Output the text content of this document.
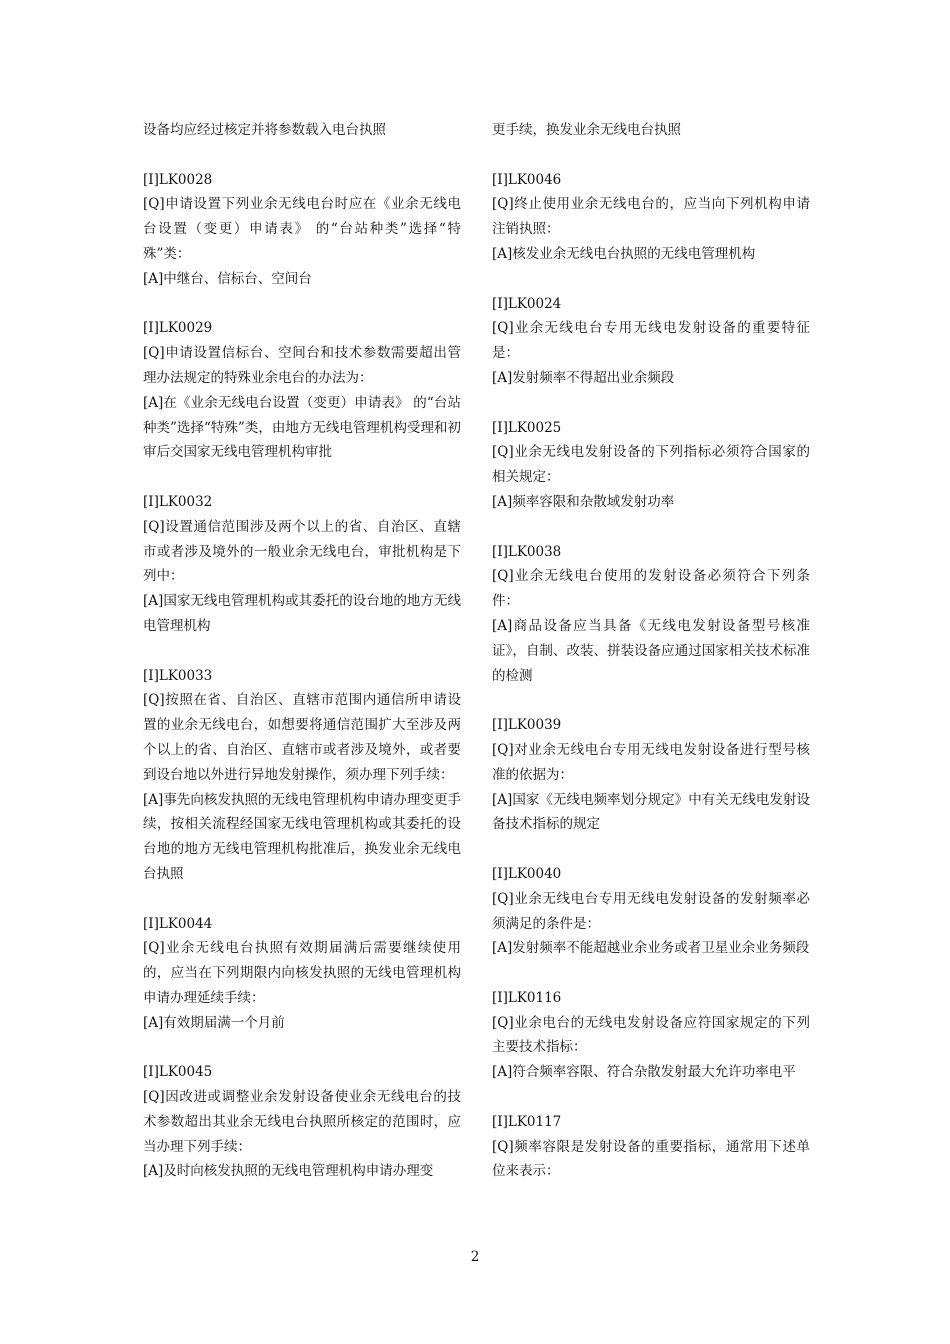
设备均应经过核定并将参数载入电台执照

[I]LK0028
[Q]申请设置下列业余无线电台时应在《业余无线电台设置（变更）申请表》 的“台站种类”选择“特殊”类：
[A]中继台、信标台、空间台
[I]LK0029
[Q]申请设置信标台、空间台和技术参数需要超出管理办法规定的特殊业余电台的办法为：
[A]在《业余无线电台设置（变更）申请表》 的“台站种类”选择“特殊”类，由地方无线电管理机构受理和初审后交国家无线电管理机构审批
[I]LK0032
[Q]设置通信范围涉及两个以上的省、自治区、直辖市或者涉及境外的一般业余无线电台，审批机构是下列中：
[A]国家无线电管理机构或其委托的设台地的地方无线电管理机构
[I]LK0033
[Q]按照在省、自治区、直辖市范围内通信所申请设置的业余无线电台，如想要将通信范围扩大至涉及两个以上的省、自治区、直辖市或者涉及境外，或者要到设台地以外进行异地发射操作，须办理下列手续：
[A]事先向核发执照的无线电管理机构申请办理变更手续，按相关流程经国家无线电管理机构或其委托的设台地的地方无线电管理机构批准后，换发业余无线电台执照
[I]LK0044
[Q]业余无线电台执照有效期届满后需要继续使用的，应当在下列期限内向核发执照的无线电管理机构申请办理延续手续：
[A]有效期届满一个月前
[I]LK0045
[Q]因改进或调整业余发射设备使业余无线电台的技术参数超出其业余无线电台执照所核定的范围时，应当办理下列手续：
[A]及时向核发执照的无线电管理机构申请办理变

更手续，换发业余无线电台执照

[I]LK0046
[Q]终止使用业余无线电台的，应当向下列机构申请注销执照：
[A]核发业余无线电台执照的无线电管理机构
[I]LK0024
[Q]业余无线电台专用无线电发射设备的重要特征是：
[A]发射频率不得超出业余频段
[I]LK0025
[Q]业余无线电发射设备的下列指标必须符合国家的相关规定：
[A]频率容限和杂散域发射功率
[I]LK0038
[Q]业余无线电台使用的发射设备必须符合下列条件：
[A]商品设备应当具备《无线电发射设备型号核准证》，自制、改装、拼装设备应通过国家相关技术标准的检测
[I]LK0039
[Q]对业余无线电台专用无线电发射设备进行型号核准的依据为：
[A]国家《无线电频率划分规定》中有关无线电发射设备技术指标的规定
[I]LK0040
[Q]业余无线电台专用无线电发射设备的发射频率必须满足的条件是：
[A]发射频率不能超越业余业务或者卫星业余业务频段
[I]LK0116
[Q]业余电台的无线电发射设备应符国家规定的下列主要技术指标：
[A]符合频率容限、符合杂散发射最大允许功率电平
[I]LK0117
[Q]频率容限是发射设备的重要指标，通常用下述单位来表示：
2
